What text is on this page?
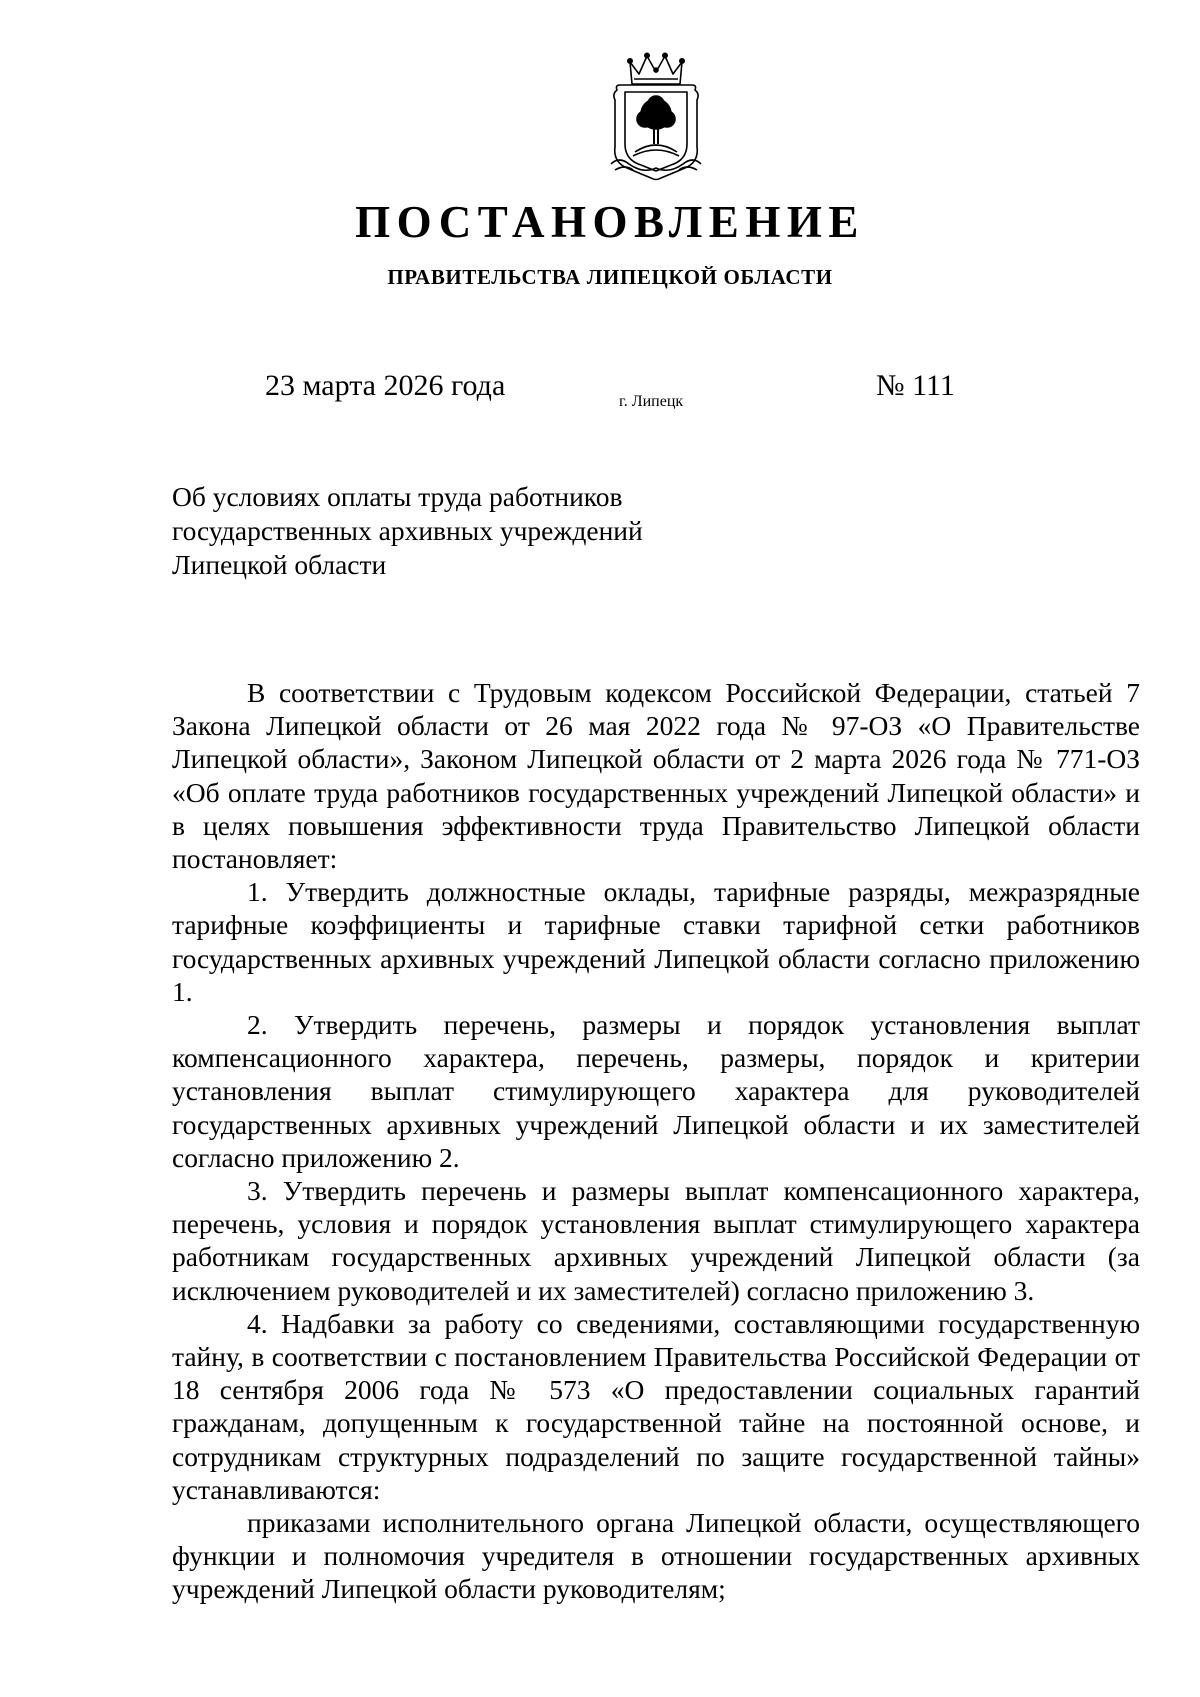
ПОСТАНОВЛЕНИЕ
ПРАВИТЕЛЬСТВА ЛИПЕЦКОЙ ОБЛАСТИ
23 марта 2026 года	г. Липецк	№ 111
Об условиях оплаты труда работников
государственных архивных учреждений
Липецкой области

В соответствии с Трудовым кодексом Российской Федерации, статьей 7 Закона Липецкой области от 26 мая 2022 года № 97-ОЗ «О Правительстве Липецкой области», Законом Липецкой области от 2 марта 2026 года № 771-ОЗ «Об оплате труда работников государственных учреждений Липецкой области» и в целях повышения эффективности труда Правительство Липецкой области постановляет:

1. Утвердить должностные оклады, тарифные разряды, межразрядные тарифные коэффициенты и тарифные ставки тарифной сетки работников государственных архивных учреждений Липецкой области согласно приложению 1.

2. Утвердить перечень, размеры и порядок установления выплат компенсационного характера, перечень, размеры, порядок и критерии установления выплат стимулирующего характера для руководителей государственных архивных учреждений Липецкой области и их заместителей согласно приложению 2.

3. Утвердить перечень и размеры выплат компенсационного характера, перечень, условия и порядок установления выплат стимулирующего характера работникам государственных архивных учреждений Липецкой области (за исключением руководителей и их заместителей) согласно приложению 3.

4. Надбавки за работу со сведениями, составляющими государственную тайну, в соответствии с постановлением Правительства Российской Федерации от 18 сентября 2006 года № 573 «О предоставлении социальных гарантий гражданам, допущенным к государственной тайне на постоянной основе, и сотрудникам структурных подразделений по защите государственной тайны» устанавливаются:

приказами исполнительного органа Липецкой области, осуществляющего функции и полномочия учредителя в отношении государственных архивных учреждений Липецкой области руководителям;
